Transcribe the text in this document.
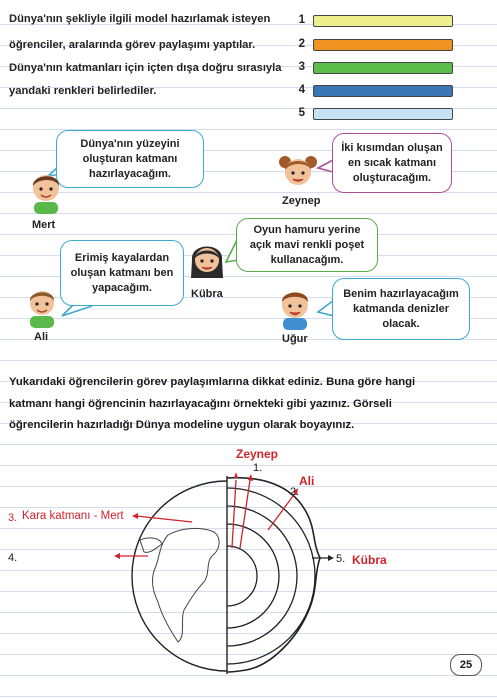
Dünya'nın şekliyle ilgili model hazırlamak isteyen
öğrenciler, aralarında görev paylaşımı yaptılar.
Dünya'nın katmanları için içten dışa doğru sırasıyla
yandaki renkleri belirlediler.
1
2
3
4
5
Dünya'nın yüzeyini
oluşturan katmanı
hazırlayacağım.
Mert
İki kısımdan oluşan
en sıcak katmanı
oluşturacağım.
Zeynep
Oyun hamuru yerine
açık mavi renkli poşet
kullanacağım.
Kübra
Erimiş kayalardan
oluşan katmanı ben
yapacağım.
Ali
Benim hazırlayacağım
katmanda denizler
olacak.
Uğur
Yukarıdaki öğrencilerin görev paylaşımlarına dikkat ediniz. Buna göre hangi
katmanı hangi öğrencinin hazırlayacağını örnekteki gibi yazınız. Görseli
öğrencilerin hazırladığı Dünya modeline uygun olarak boyayınız.
1.
2.
3.
4.	5.
Zeynep
Ali
Kara katmanı - Mert
Kübra
25
